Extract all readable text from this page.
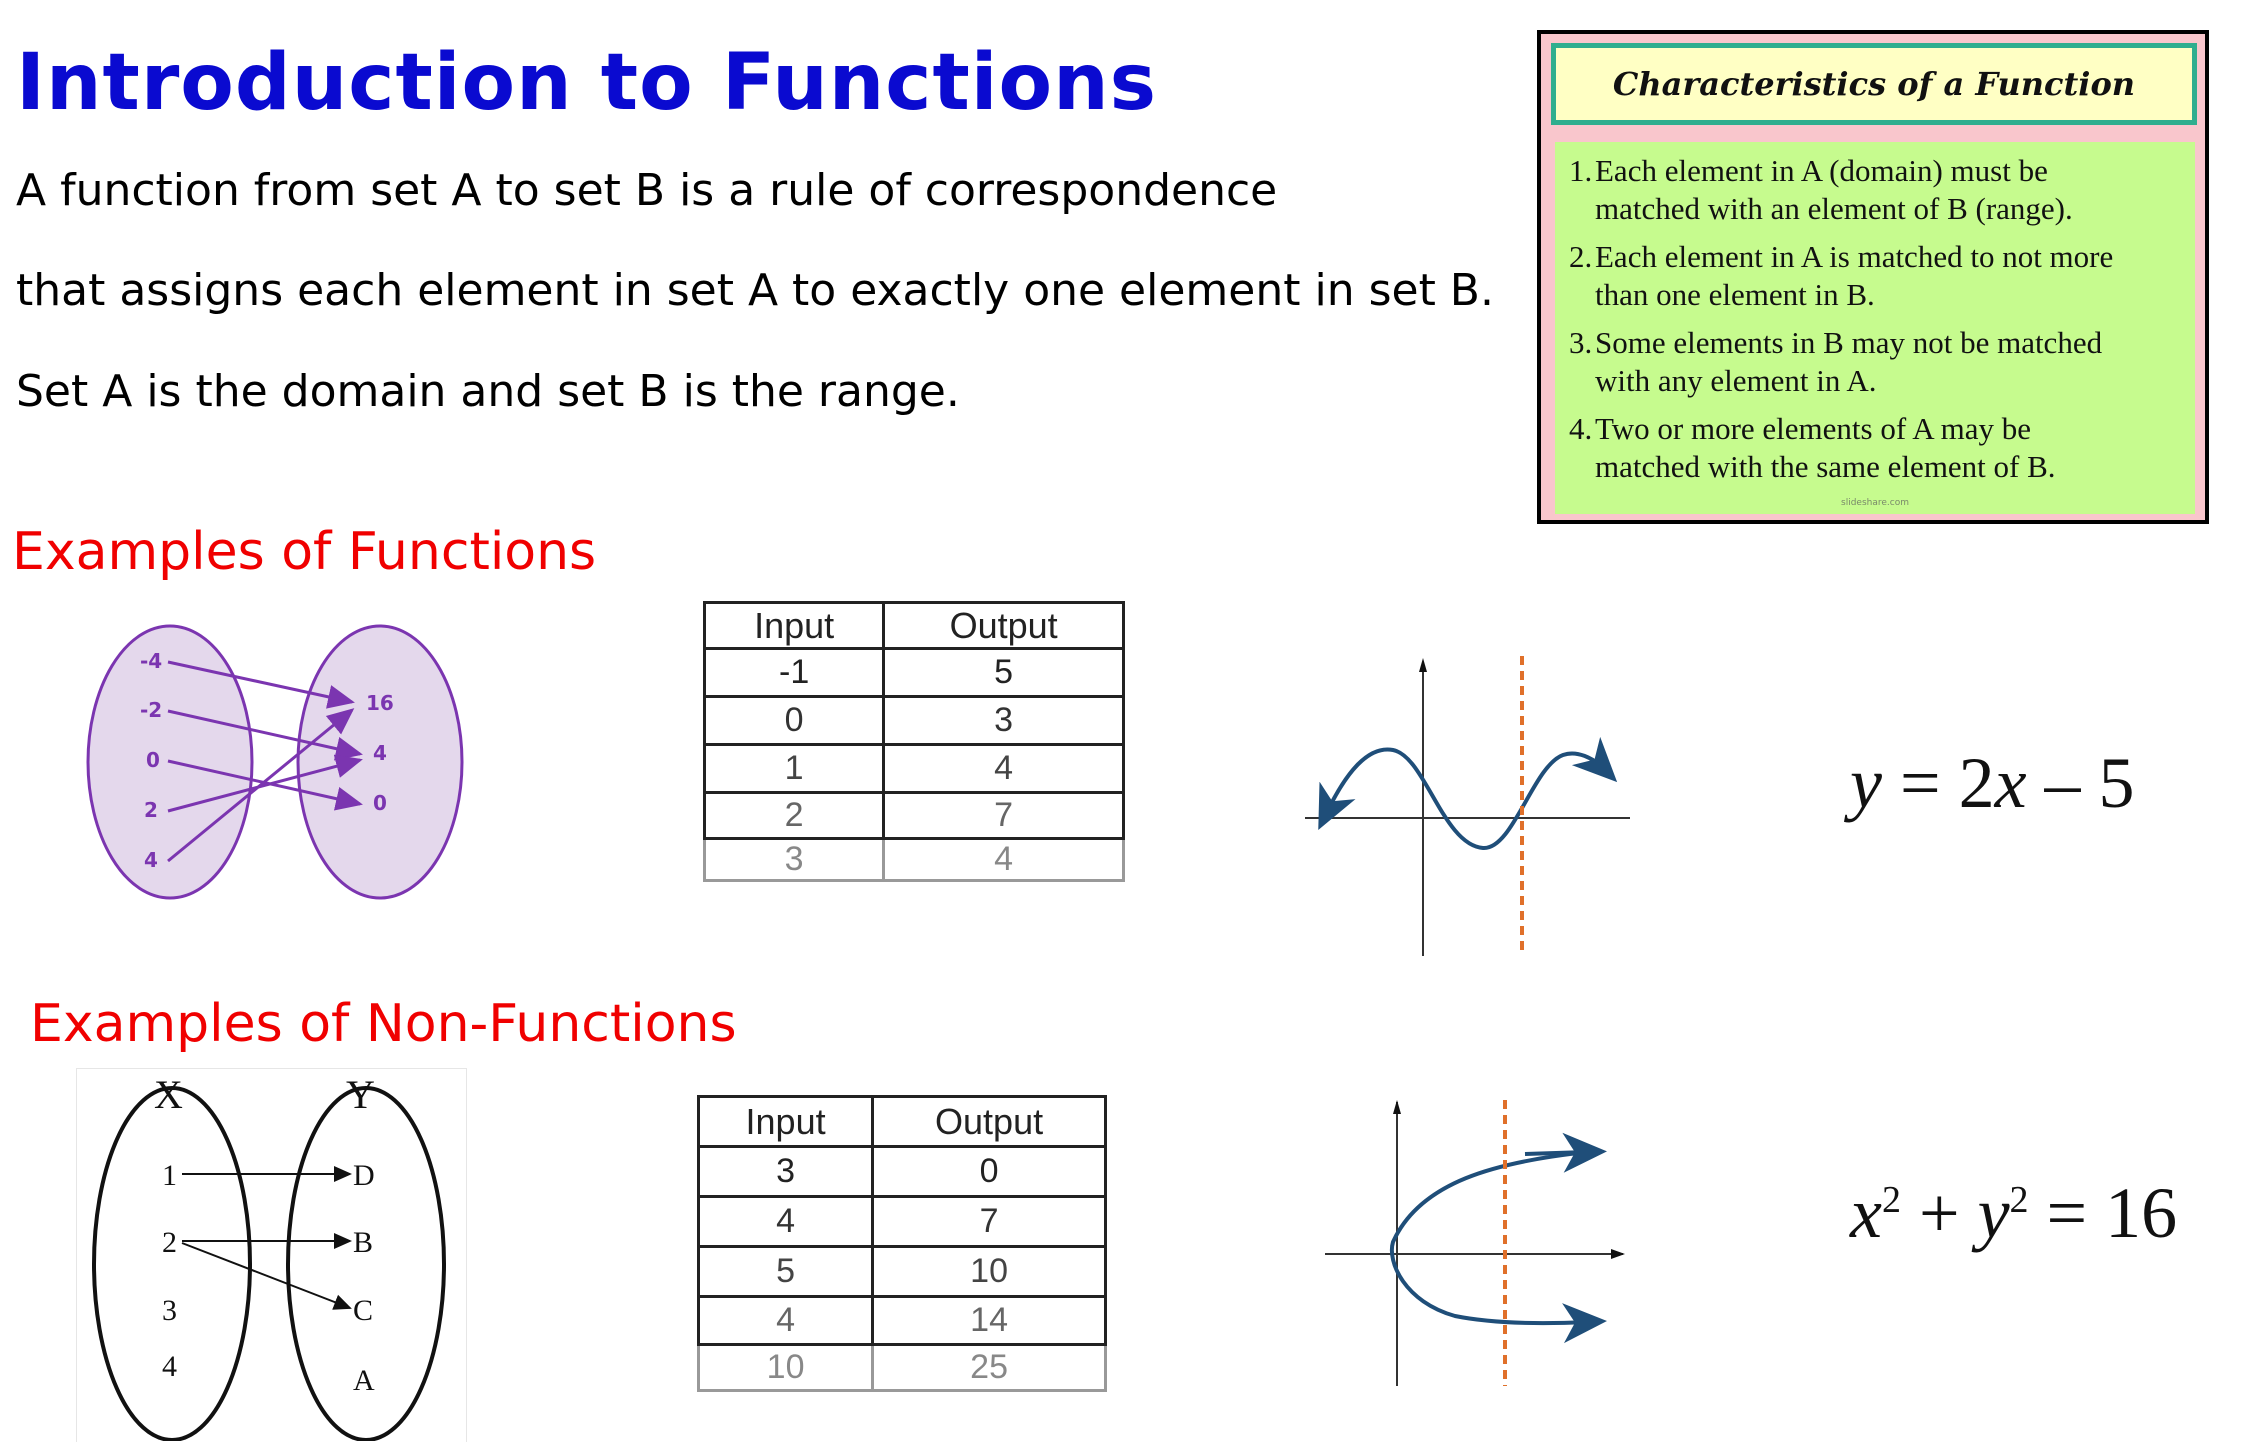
Introduction to Functions
A function from set A to set B is a rule of correspondence
that assigns each element in set A to exactly one element in set B.
Set A is the domain and set B is the range.
Characteristics of a Function
1.Each element in A (domain) must be
matched with an element of B (range).
2.Each element in A is matched to not more
than one element in B.
3.Some elements in B may not be matched
with any element in A.
4.Two or more elements of A may be
matched with the same element of B.
slideshare.com
Examples of Functions
Examples of Non-Functions
-4
-2
0
2
4
16
4
0
Input	Output
-1	5
0	3
1	4
2	7
3	4
y = 2x – 5
X	Y
1
2
3
4
D
B
C
A
Input	Output
3	0
4	7
5	10
4	14
10	25
$x^2 + y^2 = 16$
